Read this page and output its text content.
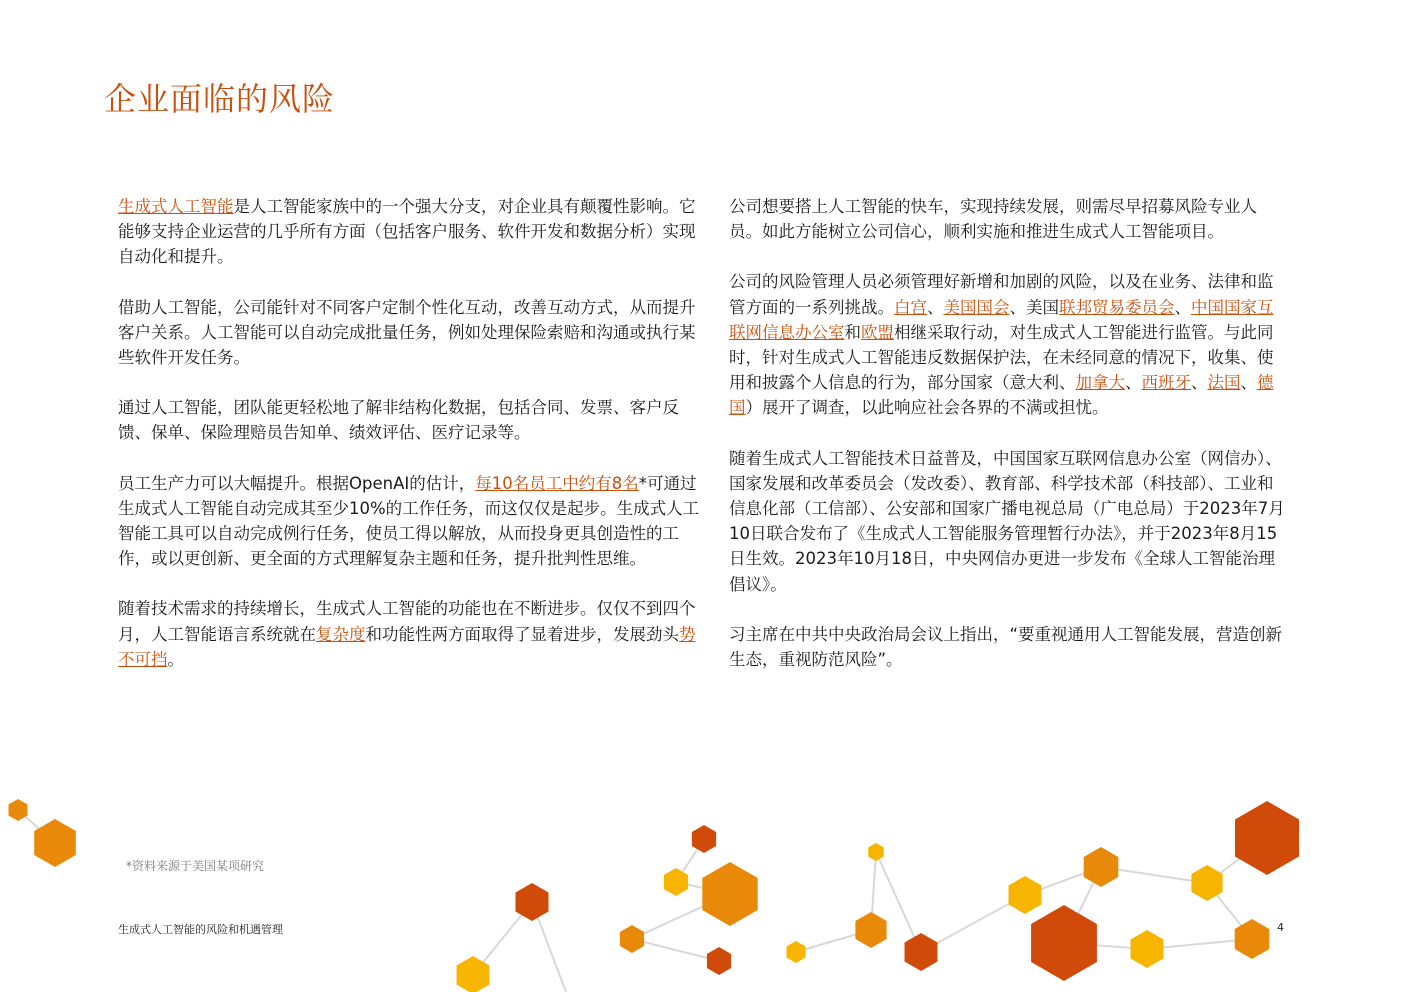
企业面临的风险

生成式人工智能是人工智能家族中的一个强大分支，对企业具有颠覆性影响。它能够支持企业运营的几乎所有方面（包括客户服务、软件开发和数据分析）实现自动化和提升。

借助人工智能，公司能针对不同客户定制个性化互动，改善互动方式，从而提升客户关系。人工智能可以自动完成批量任务，例如处理保险索赔和沟通或执行某些软件开发任务。

通过人工智能，团队能更轻松地了解非结构化数据，包括合同、发票、客户反馈、保单、保险理赔员告知单、绩效评估、医疗记录等。

员工生产力可以大幅提升。根据OpenAI的估计，每10名员工中约有8名*可通过生成式人工智能自动完成其至少10%的工作任务，而这仅仅是起步。生成式人工智能工具可以自动完成例行任务，使员工得以解放，从而投身更具创造性的工作，或以更创新、更全面的方式理解复杂主题和任务，提升批判性思维。

随着技术需求的持续增长，生成式人工智能的功能也在不断进步。仅仅不到四个月，人工智能语言系统就在复杂度和功能性两方面取得了显着进步，发展劲头势不可挡。

公司想要搭上人工智能的快车，实现持续发展，则需尽早招募风险专业人员。如此方能树立公司信心，顺利实施和推进生成式人工智能项目。

公司的风险管理人员必须管理好新增和加剧的风险，以及在业务、法律和监管方面的一系列挑战。白宫、美国国会、美国联邦贸易委员会、中国国家互联网信息办公室和欧盟相继采取行动，对生成式人工智能进行监管。与此同时，针对生成式人工智能违反数据保护法，在未经同意的情况下，收集、使用和披露个人信息的行为，部分国家（意大利、加拿大、西班牙、法国、德国）展开了调查，以此响应社会各界的不满或担忧。

随着生成式人工智能技术日益普及，中国国家互联网信息办公室（网信办）、国家发展和改革委员会（发改委）、教育部、科学技术部（科技部）、工业和信息化部（工信部）、公安部和国家广播电视总局（广电总局）于2023年7月10日联合发布了《生成式人工智能服务管理暂行办法》，并于2023年8月15日生效。2023年10月18日，中央网信办更进一步发布《全球人工智能治理倡议》。

习主席在中共中央政治局会议上指出，“要重视通用人工智能发展，营造创新生态，重视防范风险”。

*资料来源于美国某项研究
生成式人工智能的风险和机遇管理	4
